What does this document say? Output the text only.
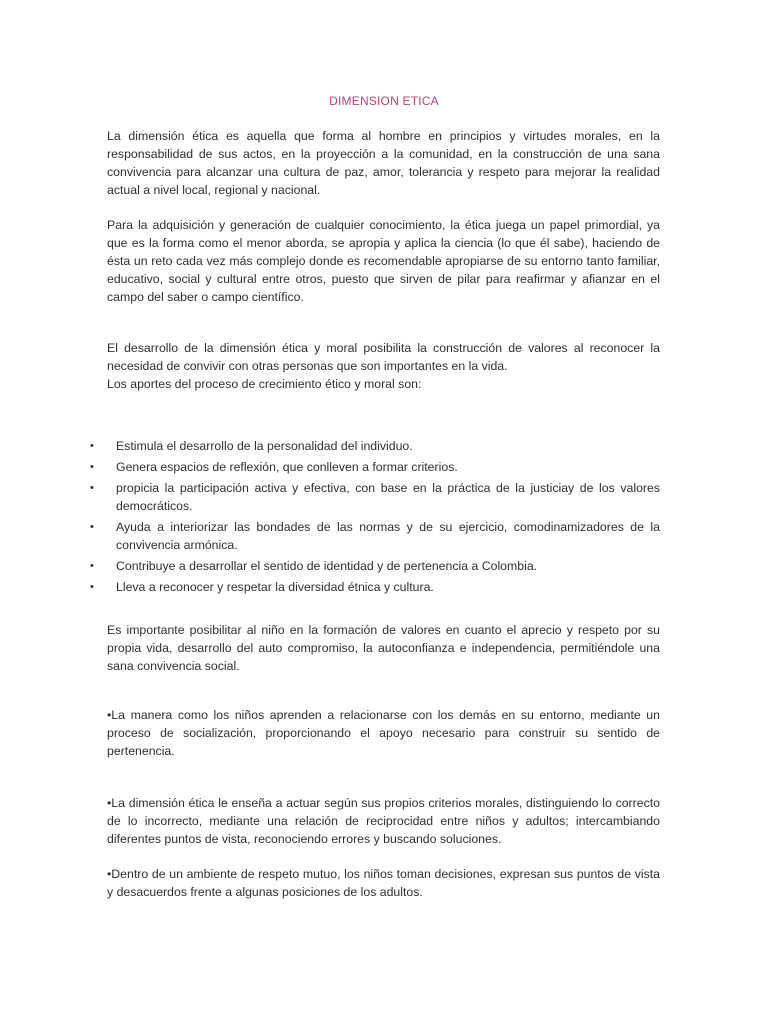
DIMENSION ETICA

La dimensión ética es aquella que forma al hombre en principios y virtudes morales, en la responsabilidad de sus actos, en la proyección a la comunidad, en la construcción de una sana convivencia para alcanzar una cultura de paz, amor, tolerancia y respeto para mejorar la realidad actual a nivel local, regional y nacional.

Para la adquisición y generación de cualquier conocimiento, la ética juega un papel primordial, ya que es la forma como el menor aborda, se apropia y aplica la ciencia (lo que él sabe), haciendo de ésta un reto cada vez más complejo donde es recomendable apropiarse de su entorno tanto familiar, educativo, social y cultural entre otros, puesto que sirven de pilar para reafirmar y afianzar en el campo del saber o campo científico.

El desarrollo de la dimensión ética y moral posibilita la construcción de valores al reconocer la necesidad de convivir con otras personas que son importantes en la vida.

Los aportes del proceso de crecimiento ético y moral son:

• Estimula el desarrollo de la personalidad del individuo.
• Genera espacios de reflexión, que conlleven a formar criterios.
• propicia la participación activa y efectiva, con base en la práctica de la justiciay de los valores democráticos.
• Ayuda a interiorizar las bondades de las normas y de su ejercicio, comodinamizadores de la convivencia armónica.
• Contribuye a desarrollar el sentido de identidad y de pertenencia a Colombia.
• Lleva a reconocer y respetar la diversidad étnica y cultura.

Es importante posibilitar al niño en la formación de valores en cuanto el aprecio y respeto por su propia vida, desarrollo del auto compromiso, la autoconfianza e independencia, permitiéndole una sana convivencia social.

•La manera como los niños aprenden a relacionarse con los demás en su entorno, mediante un proceso de socialización, proporcionando el apoyo necesario para construir su sentido de pertenencia.

•La dimensión ética le enseña a actuar según sus propios criterios morales, distinguiendo lo correcto de lo incorrecto, mediante una relación de reciprocidad entre niños y adultos; intercambiando diferentes puntos de vista, reconociendo errores y buscando soluciones.

•Dentro de un ambiente de respeto mutuo, los niños toman decisiones, expresan sus puntos de vista y desacuerdos frente a algunas posiciones de los adultos.
